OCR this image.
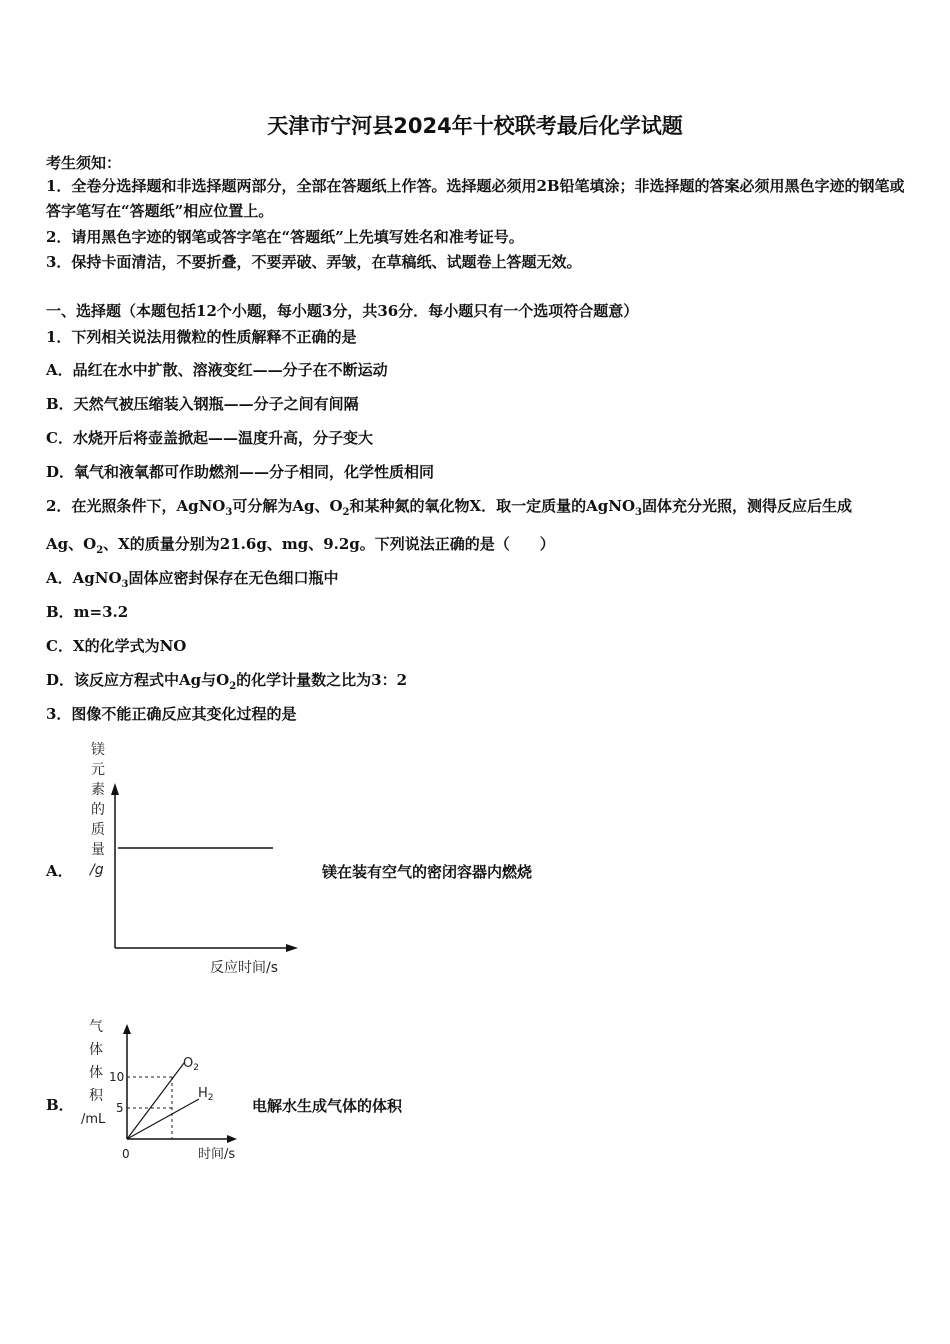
天津市宁河县2024年十校联考最后化学试题
考生须知：
1．全卷分选择题和非选择题两部分，全部在答题纸上作答。选择题必须用2B铅笔填涂；非选择题的答案必须用黑色字迹的钢笔或答字笔写在“答题纸”相应位置上。
2．请用黑色字迹的钢笔或答字笔在“答题纸”上先填写姓名和准考证号。
3．保持卡面清洁，不要折叠，不要弄破、弄皱，在草稿纸、试题卷上答题无效。
一、选择题（本题包括12个小题，每小题3分，共36分．每小题只有一个选项符合题意）
1．下列相关说法用微粒的性质解释不正确的是
A．品红在水中扩散、溶液变红——分子在不断运动
B．天然气被压缩装入钢瓶——分子之间有间隔
C．水烧开后将壶盖掀起——温度升高，分子变大
D．氧气和液氧都可作助燃剂——分子相同，化学性质相同
2．在光照条件下，AgNO$_3$可分解为Ag、$O_2$和某种氮的氧化物X．取一定质量的AgNO$_3$固体充分光照，测得反应后生成
Ag、$O_2$、X的质量分别为21.6g、mg、9.2g。下列说法正确的是（　　）
A．AgNO$_3$固体应密封保存在无色细口瓶中
B．m=3.2
C．X的化学式为NO
D．该反应方程式中Ag与$O_2$的化学计量数之比为3：2
3．图像不能正确反应其变化过程的是
A．
镁
元
素
的
质
量
/g
反应时间/s
镁在装有空气的密闭容器内燃烧
B．
气
体
体
积
/mL
10
5
0
$O_2$
$H_2$
时间/s
电解水生成气体的体积
